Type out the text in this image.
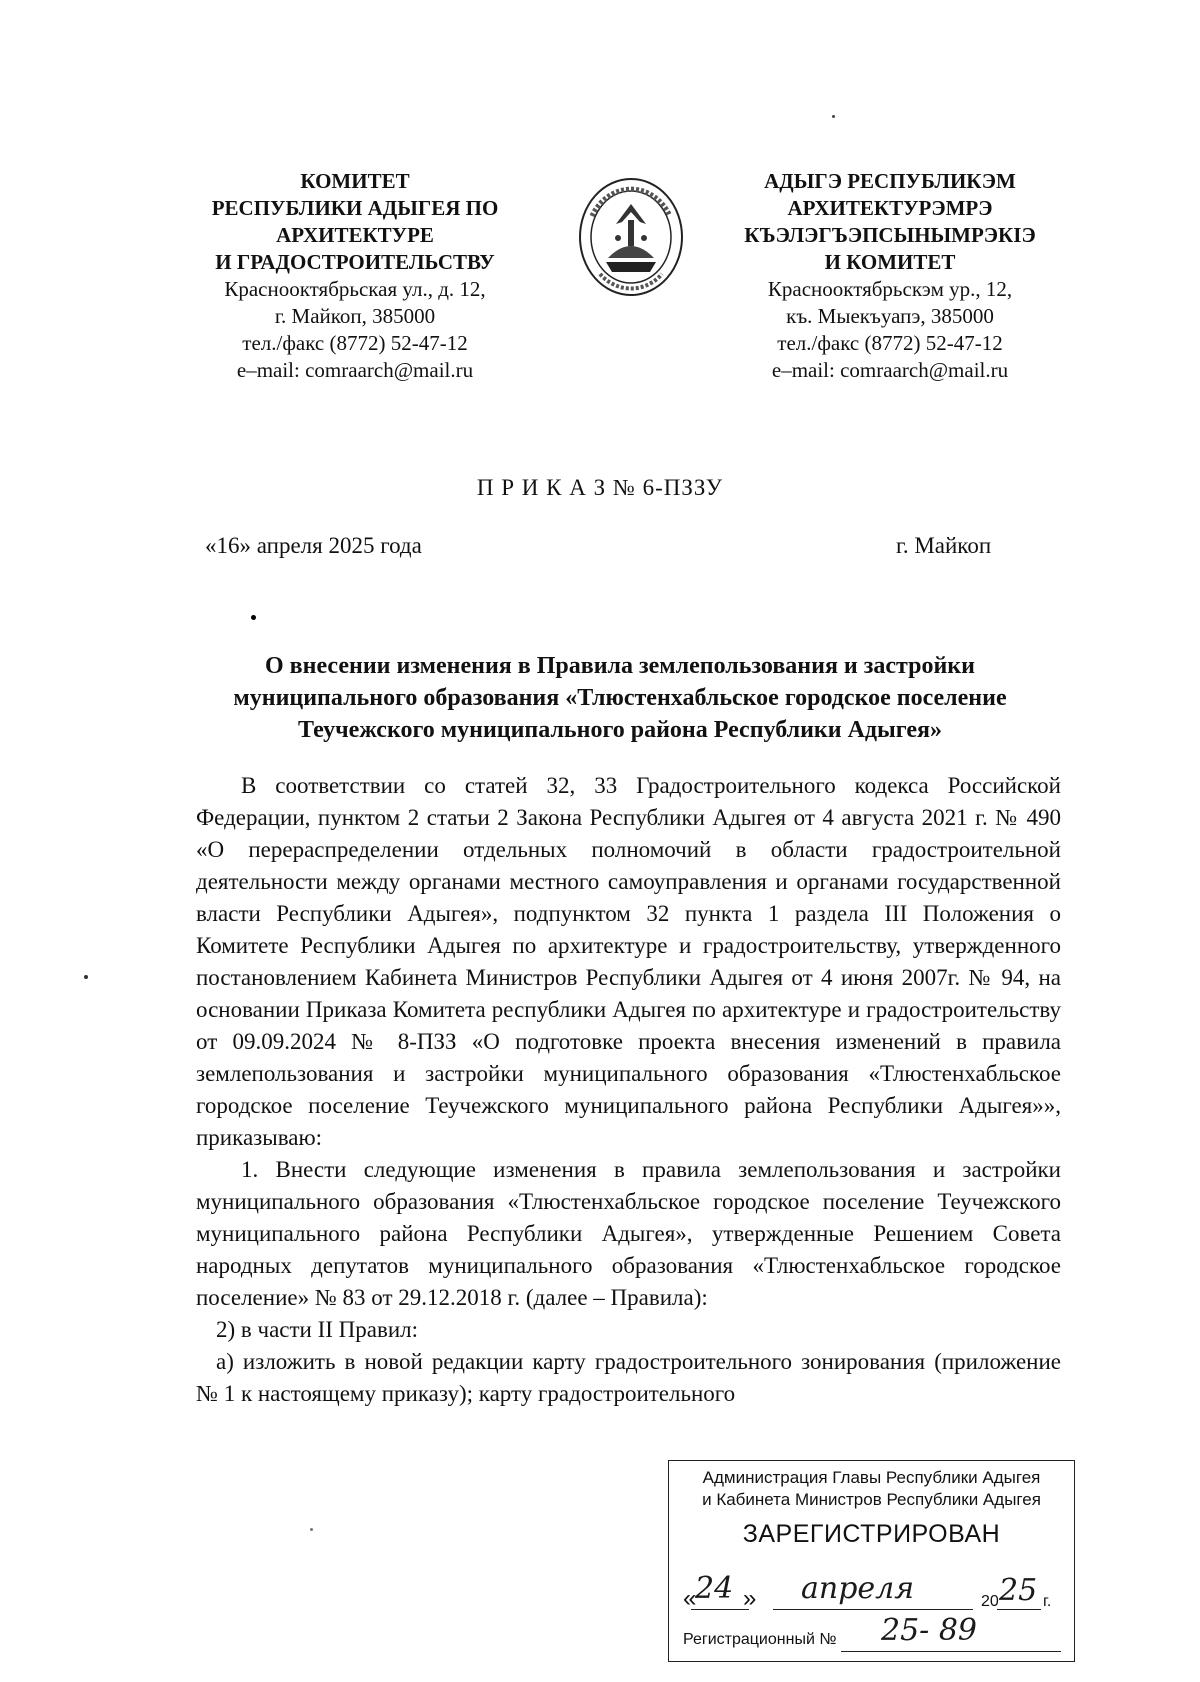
КОМИТЕТ
РЕСПУБЛИКИ АДЫГЕЯ ПО
АРХИТЕКТУРЕ
И ГРАДОСТРОИТЕЛЬСТВУ
Краснооктябрьская ул., д. 12,
г. Майкоп, 385000
тел./факс (8772) 52-47-12
e–mail: comraarch@mail.ru
АДЫГЭ РЕСПУБЛИКЭМ
АРХИТЕКТУРЭМРЭ
КЪЭЛЭГЪЭПСЫНЫМРЭКIЭ
И КОМИТЕТ
Краснооктябрьскэм ур., 12,
къ. Мыекъуапэ, 385000
тел./факс (8772) 52-47-12
e–mail: comraarch@mail.ru
П Р И К А З № 6-ПЗЗУ
«16» апреля 2025 года	г. Майкоп
О внесении изменения в Правила землепользования и застройки муниципального образования «Тлюстенхабльское городское поселение Теучежского муниципального района Республики Адыгея»

В соответствии со статей 32, 33 Градостроительного кодекса Российской Федерации, пунктом 2 статьи 2 Закона Республики Адыгея от 4 августа 2021 г. № 490 «О перераспределении отдельных полномочий в области градостроительной деятельности между органами местного самоуправления и органами государственной власти Республики Адыгея», подпунктом 32 пункта 1 раздела III Положения о Комитете Республики Адыгея по архитектуре и градостроительству, утвержденного постановлением Кабинета Министров Республики Адыгея от 4 июня 2007г. № 94, на основании Приказа Комитета республики Адыгея по архитектуре и градостроительству от 09.09.2024 № 8-ПЗЗ «О подготовке проекта внесения изменений в правила землепользования и застройки муниципального образования «Тлюстенхабльское городское поселение Теучежского муниципального района Республики Адыгея»», приказываю:

1. Внести следующие изменения в правила землепользования и застройки муниципального образования «Тлюстенхабльское городское поселение Теучежского муниципального района Республики Адыгея», утвержденные Решением Совета народных депутатов муниципального образования «Тлюстенхабльское городское поселение» № 83 от 29.12.2018 г. (далее – Правила):

2) в части II Правил:

а) изложить в новой редакции карту градостроительного зонирования (приложение № 1 к настоящему приказу); карту градостроительного

Администрация Главы Республики Адыгея
и Кабинета Министров Республики Адыгея
ЗАРЕГИСТРИРОВАН
«
24 » апреля	20 25 г.
Регистрационный № 25- 89
